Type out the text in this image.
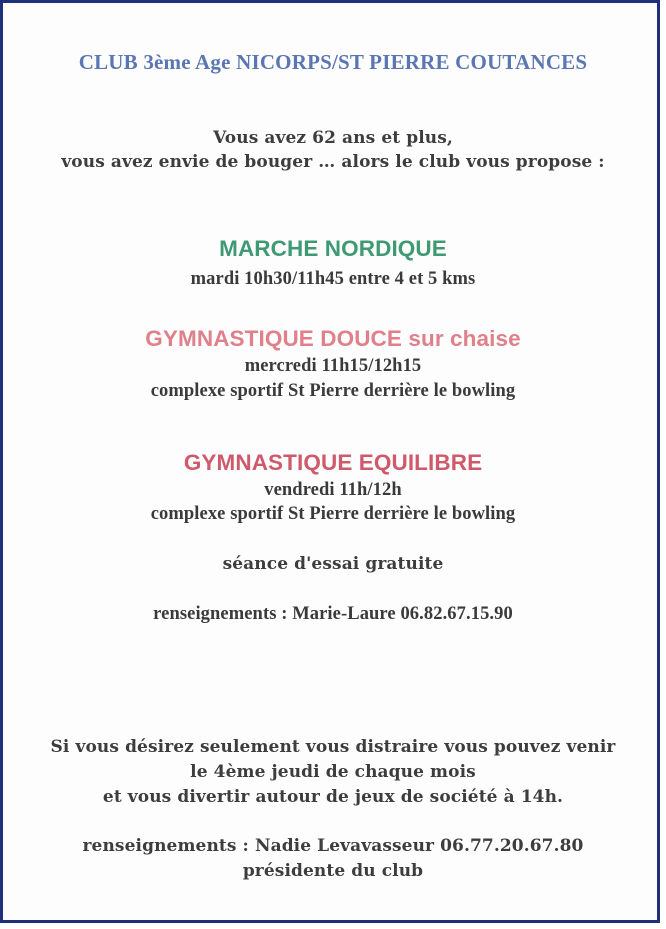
CLUB 3ème Age NICORPS/ST PIERRE COUTANCES
Vous avez 62 ans et plus,
vous avez envie de bouger … alors le club vous propose :
MARCHE NORDIQUE
mardi 10h30/11h45 entre 4 et 5 kms
GYMNASTIQUE DOUCE sur chaise
mercredi 11h15/12h15
complexe sportif St Pierre derrière le bowling
GYMNASTIQUE EQUILIBRE
vendredi 11h/12h
complexe sportif St Pierre derrière le bowling
séance d'essai gratuite
renseignements : Marie-Laure 06.82.67.15.90
Si vous désirez seulement vous distraire vous pouvez venir
le 4ème jeudi de chaque mois
et vous divertir autour de jeux de société à 14h.
renseignements : Nadie Levavasseur 06.77.20.67.80
présidente du club
